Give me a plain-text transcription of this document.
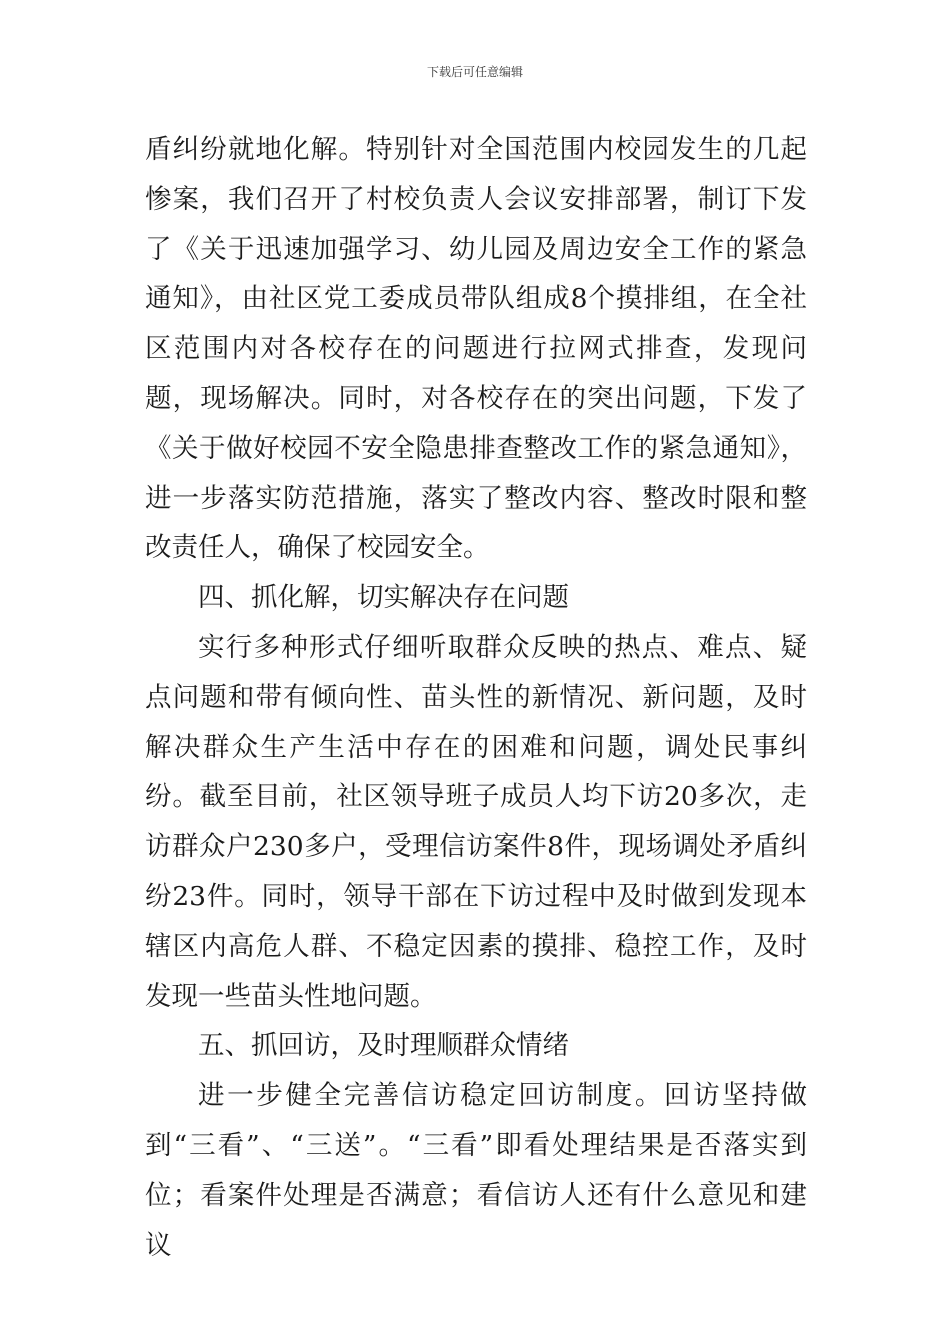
下载后可任意编辑

盾纠纷就地化解。特别针对全国范围内校园发生的几起惨案，我们召开了村校负责人会议安排部署，制订下发了《关于迅速加强学习、幼儿园及周边安全工作的紧急通知》，由社区党工委成员带队组成8个摸排组，在全社区范围内对各校存在的问题进行拉网式排查，发现问题，现场解决。同时，对各校存在的突出问题，下发了《关于做好校园不安全隐患排查整改工作的紧急通知》，进一步落实防范措施，落实了整改内容、整改时限和整改责任人，确保了校园安全。

四、抓化解，切实解决存在问题

实行多种形式仔细听取群众反映的热点、难点、疑点问题和带有倾向性、苗头性的新情况、新问题，及时解决群众生产生活中存在的困难和问题，调处民事纠纷。截至目前，社区领导班子成员人均下访20多次，走访群众户230多户，受理信访案件8件，现场调处矛盾纠纷23件。同时，领导干部在下访过程中及时做到发现本辖区内高危人群、不稳定因素的摸排、稳控工作，及时发现一些苗头性地问题。

五、抓回访，及时理顺群众情绪

进一步健全完善信访稳定回访制度。回访坚持做到“三看”、“三送”。“三看”即看处理结果是否落实到位；看案件处理是否满意；看信访人还有什么意见和建议
